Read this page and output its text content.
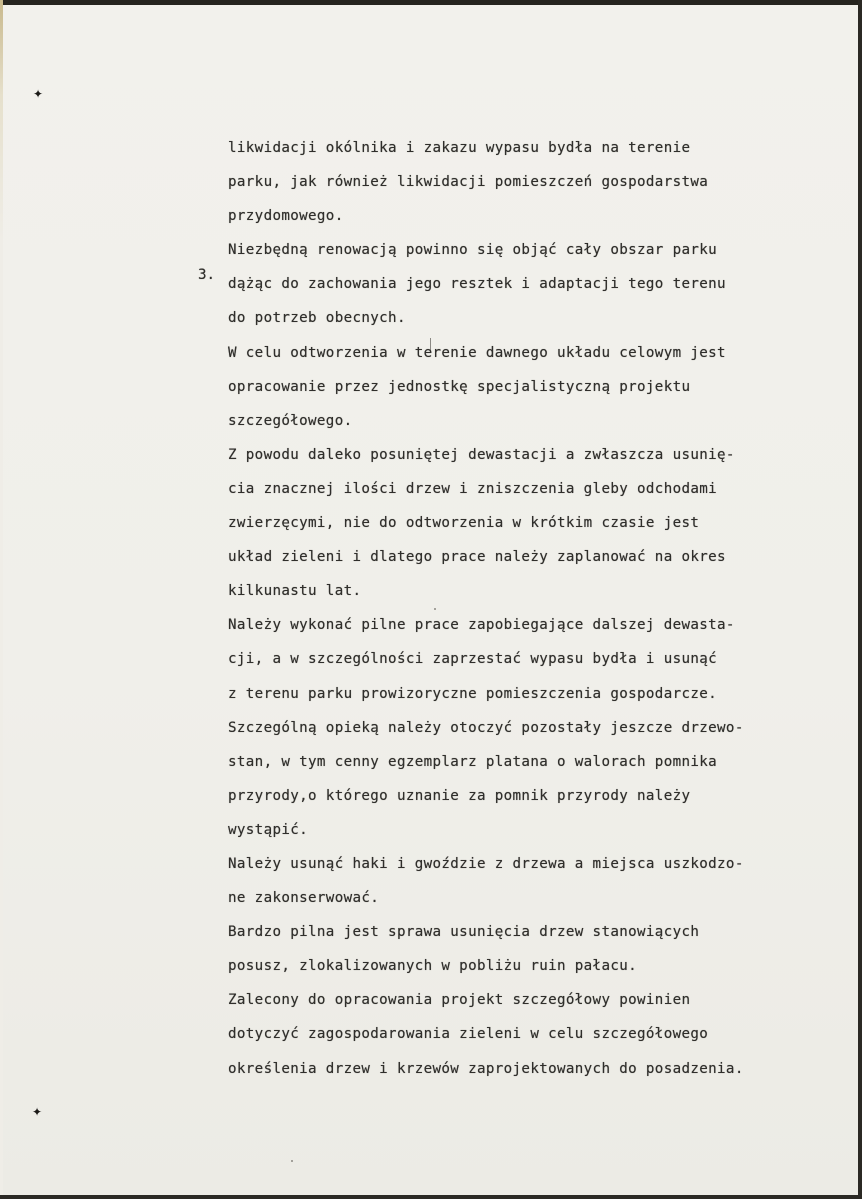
✦
✦
3.
likwidacji okólnika i zakazu wypasu bydła na terenie
parku, jak również likwidacji pomieszczeń gospodarstwa
przydomowego.
Niezbędną renowacją powinno się objąć cały obszar parku
dążąc do zachowania jego resztek i adaptacji tego terenu
do potrzeb obecnych.
W celu odtworzenia w terenie dawnego układu celowym jest
opracowanie przez jednostkę specjalistyczną projektu
szczegółowego.
Z powodu daleko posuniętej dewastacji a zwłaszcza usunię-
cia znacznej ilości drzew i zniszczenia gleby odchodami
zwierzęcymi, nie do odtworzenia w krótkim czasie jest
układ zieleni i dlatego prace należy zaplanować na okres
kilkunastu lat.
Należy wykonać pilne prace zapobiegające dalszej dewasta-
cji, a w szczególności zaprzestać wypasu bydła i usunąć
z terenu parku prowizoryczne pomieszczenia gospodarcze.
Szczególną opieką należy otoczyć pozostały jeszcze drzewo-
stan, w tym cenny egzemplarz platana o walorach pomnika
przyrody,o którego uznanie za pomnik przyrody należy
wystąpić.
Należy usunąć haki i gwoździe z drzewa a miejsca uszkodzo-
ne zakonserwować.
Bardzo pilna jest sprawa usunięcia drzew stanowiących
posusz, zlokalizowanych w pobliżu ruin pałacu.
Zalecony do opracowania projekt szczegółowy powinien
dotyczyć zagospodarowania zieleni w celu szczegółowego
określenia drzew i krzewów zaprojektowanych do posadzenia.
